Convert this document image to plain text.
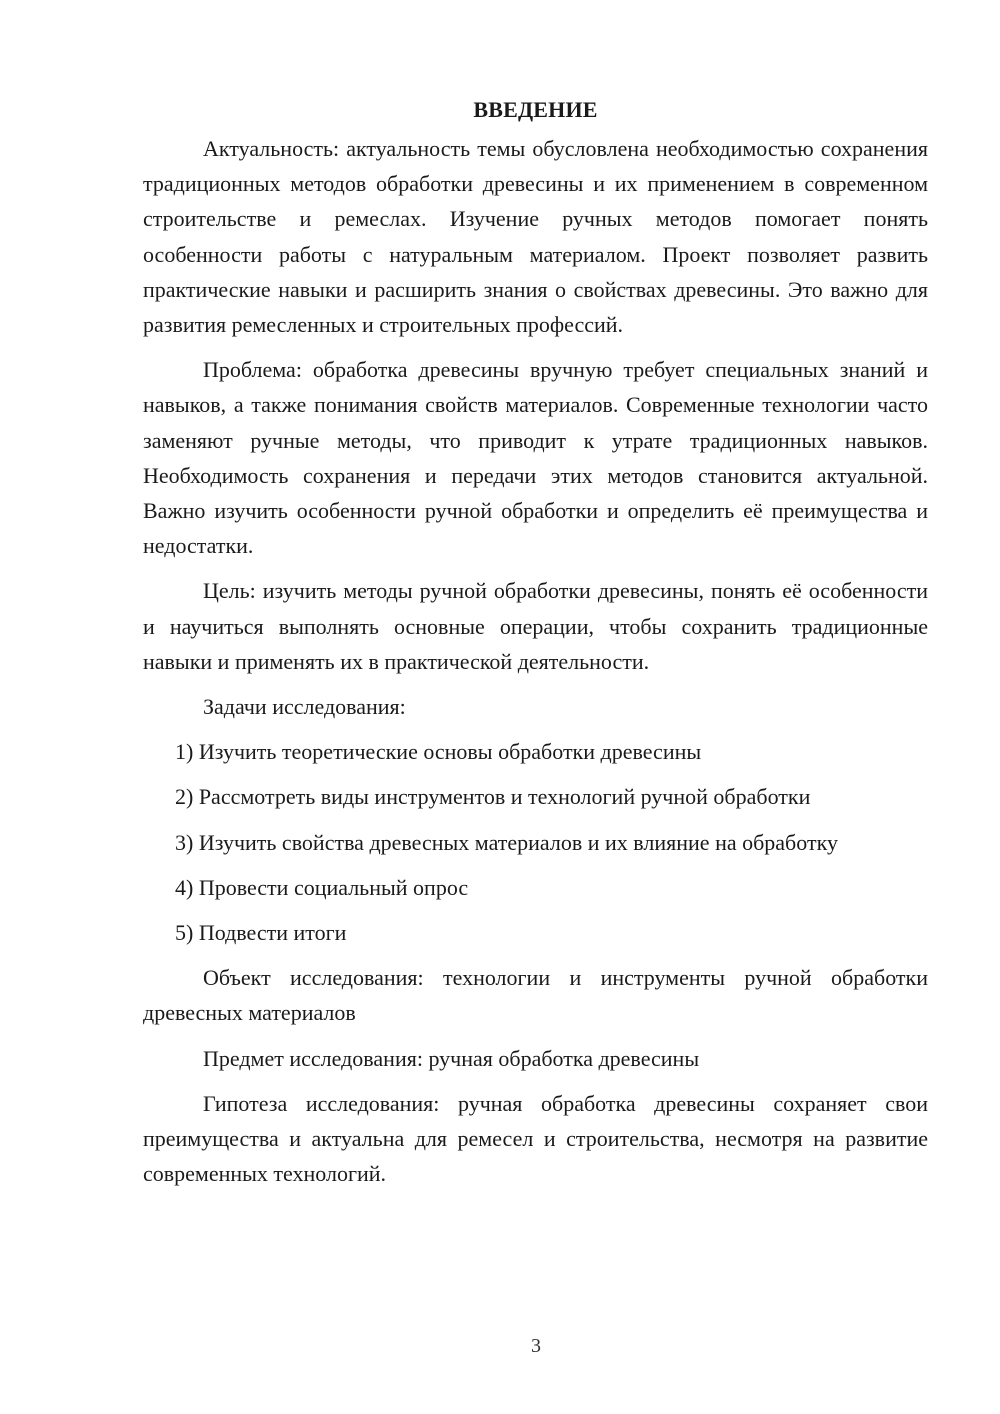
ВВЕДЕНИЕ

Актуальность: актуальность темы обусловлена необходимостью сохранения традиционных методов обработки древесины и их применением в современном строительстве и ремеслах. Изучение ручных методов помогает понять особенности работы с натуральным материалом. Проект позволяет развить практические навыки и расширить знания о свойствах древесины. Это важно для развития ремесленных и строительных профессий.

Проблема: обработка древесины вручную требует специальных знаний и навыков, а также понимания свойств материалов. Современные технологии часто заменяют ручные методы, что приводит к утрате традиционных навыков. Необходимость сохранения и передачи этих методов становится актуальной. Важно изучить особенности ручной обработки и определить её преимущества и недостатки.

Цель: изучить методы ручной обработки древесины, понять её особенности и научиться выполнять основные операции, чтобы сохранить традиционные навыки и применять их в практической деятельности.

Задачи исследования:

1) Изучить теоретические основы обработки древесины
2) Рассмотреть виды инструментов и технологий ручной обработки
3) Изучить свойства древесных материалов и их влияние на обработку
4) Провести социальный опрос
5) Подвести итоги

Объект исследования: технологии и инструменты ручной обработки древесных материалов

Предмет исследования: ручная обработка древесины

Гипотеза исследования: ручная обработка древесины сохраняет свои преимущества и актуальна для ремесел и строительства, несмотря на развитие современных технологий.

3
